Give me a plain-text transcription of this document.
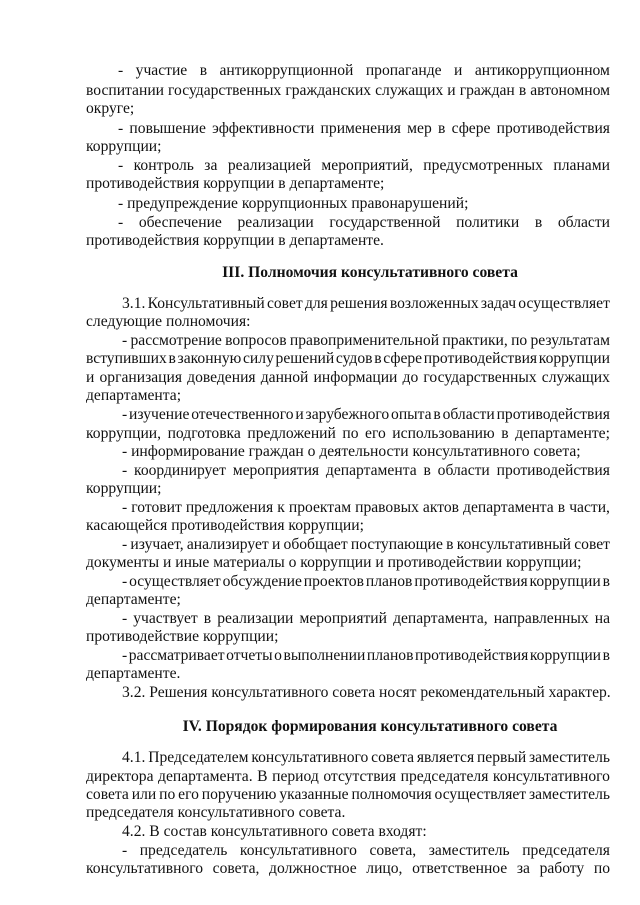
- участие в антикоррупционной пропаганде и антикоррупционном
воспитании государственных гражданских служащих и граждан в автономном
округе;
- повышение эффективности применения мер в сфере противодействия
коррупции;
- контроль за реализацией мероприятий, предусмотренных планами
противодействия коррупции в департаменте;
- предупреждение коррупционных правонарушений;
- обеспечение реализации государственной политики в области
противодействия коррупции в департаменте.
III. Полномочия консультативного совета
3.1. Консультативный совет для решения возложенных задач осуществляет
следующие полномочия:
- рассмотрение вопросов правоприменительной практики, по результатам
вступивших в законную силу решений судов в сфере противодействия коррупции
и организация доведения данной информации до государственных служащих
департамента;
- изучение отечественного и зарубежного опыта в области противодействия
коррупции, подготовка предложений по его использованию в департаменте;
- информирование граждан о деятельности консультативного совета;
- координирует мероприятия департамента в области противодействия
коррупции;
- готовит предложения к проектам правовых актов департамента в части,
касающейся противодействия коррупции;
- изучает, анализирует и обобщает поступающие в консультативный совет
документы и иные материалы о коррупции и противодействии коррупции;
- осуществляет обсуждение проектов планов противодействия коррупции в
департаменте;
- участвует в реализации мероприятий департамента, направленных на
противодействие коррупции;
- рассматривает отчеты о выполнении планов противодействия коррупции в
департаменте.
3.2. Решения консультативного совета носят рекомендательный характер.
IV. Порядок формирования консультативного совета
4.1. Председателем консультативного совета является первый заместитель
директора департамента. В период отсутствия председателя консультативного
совета или по его поручению указанные полномочия осуществляет заместитель
председателя консультативного совета.
4.2. В состав консультативного совета входят:
- председатель консультативного совета, заместитель председателя
консультативного совета, должностное лицо, ответственное за работу по
